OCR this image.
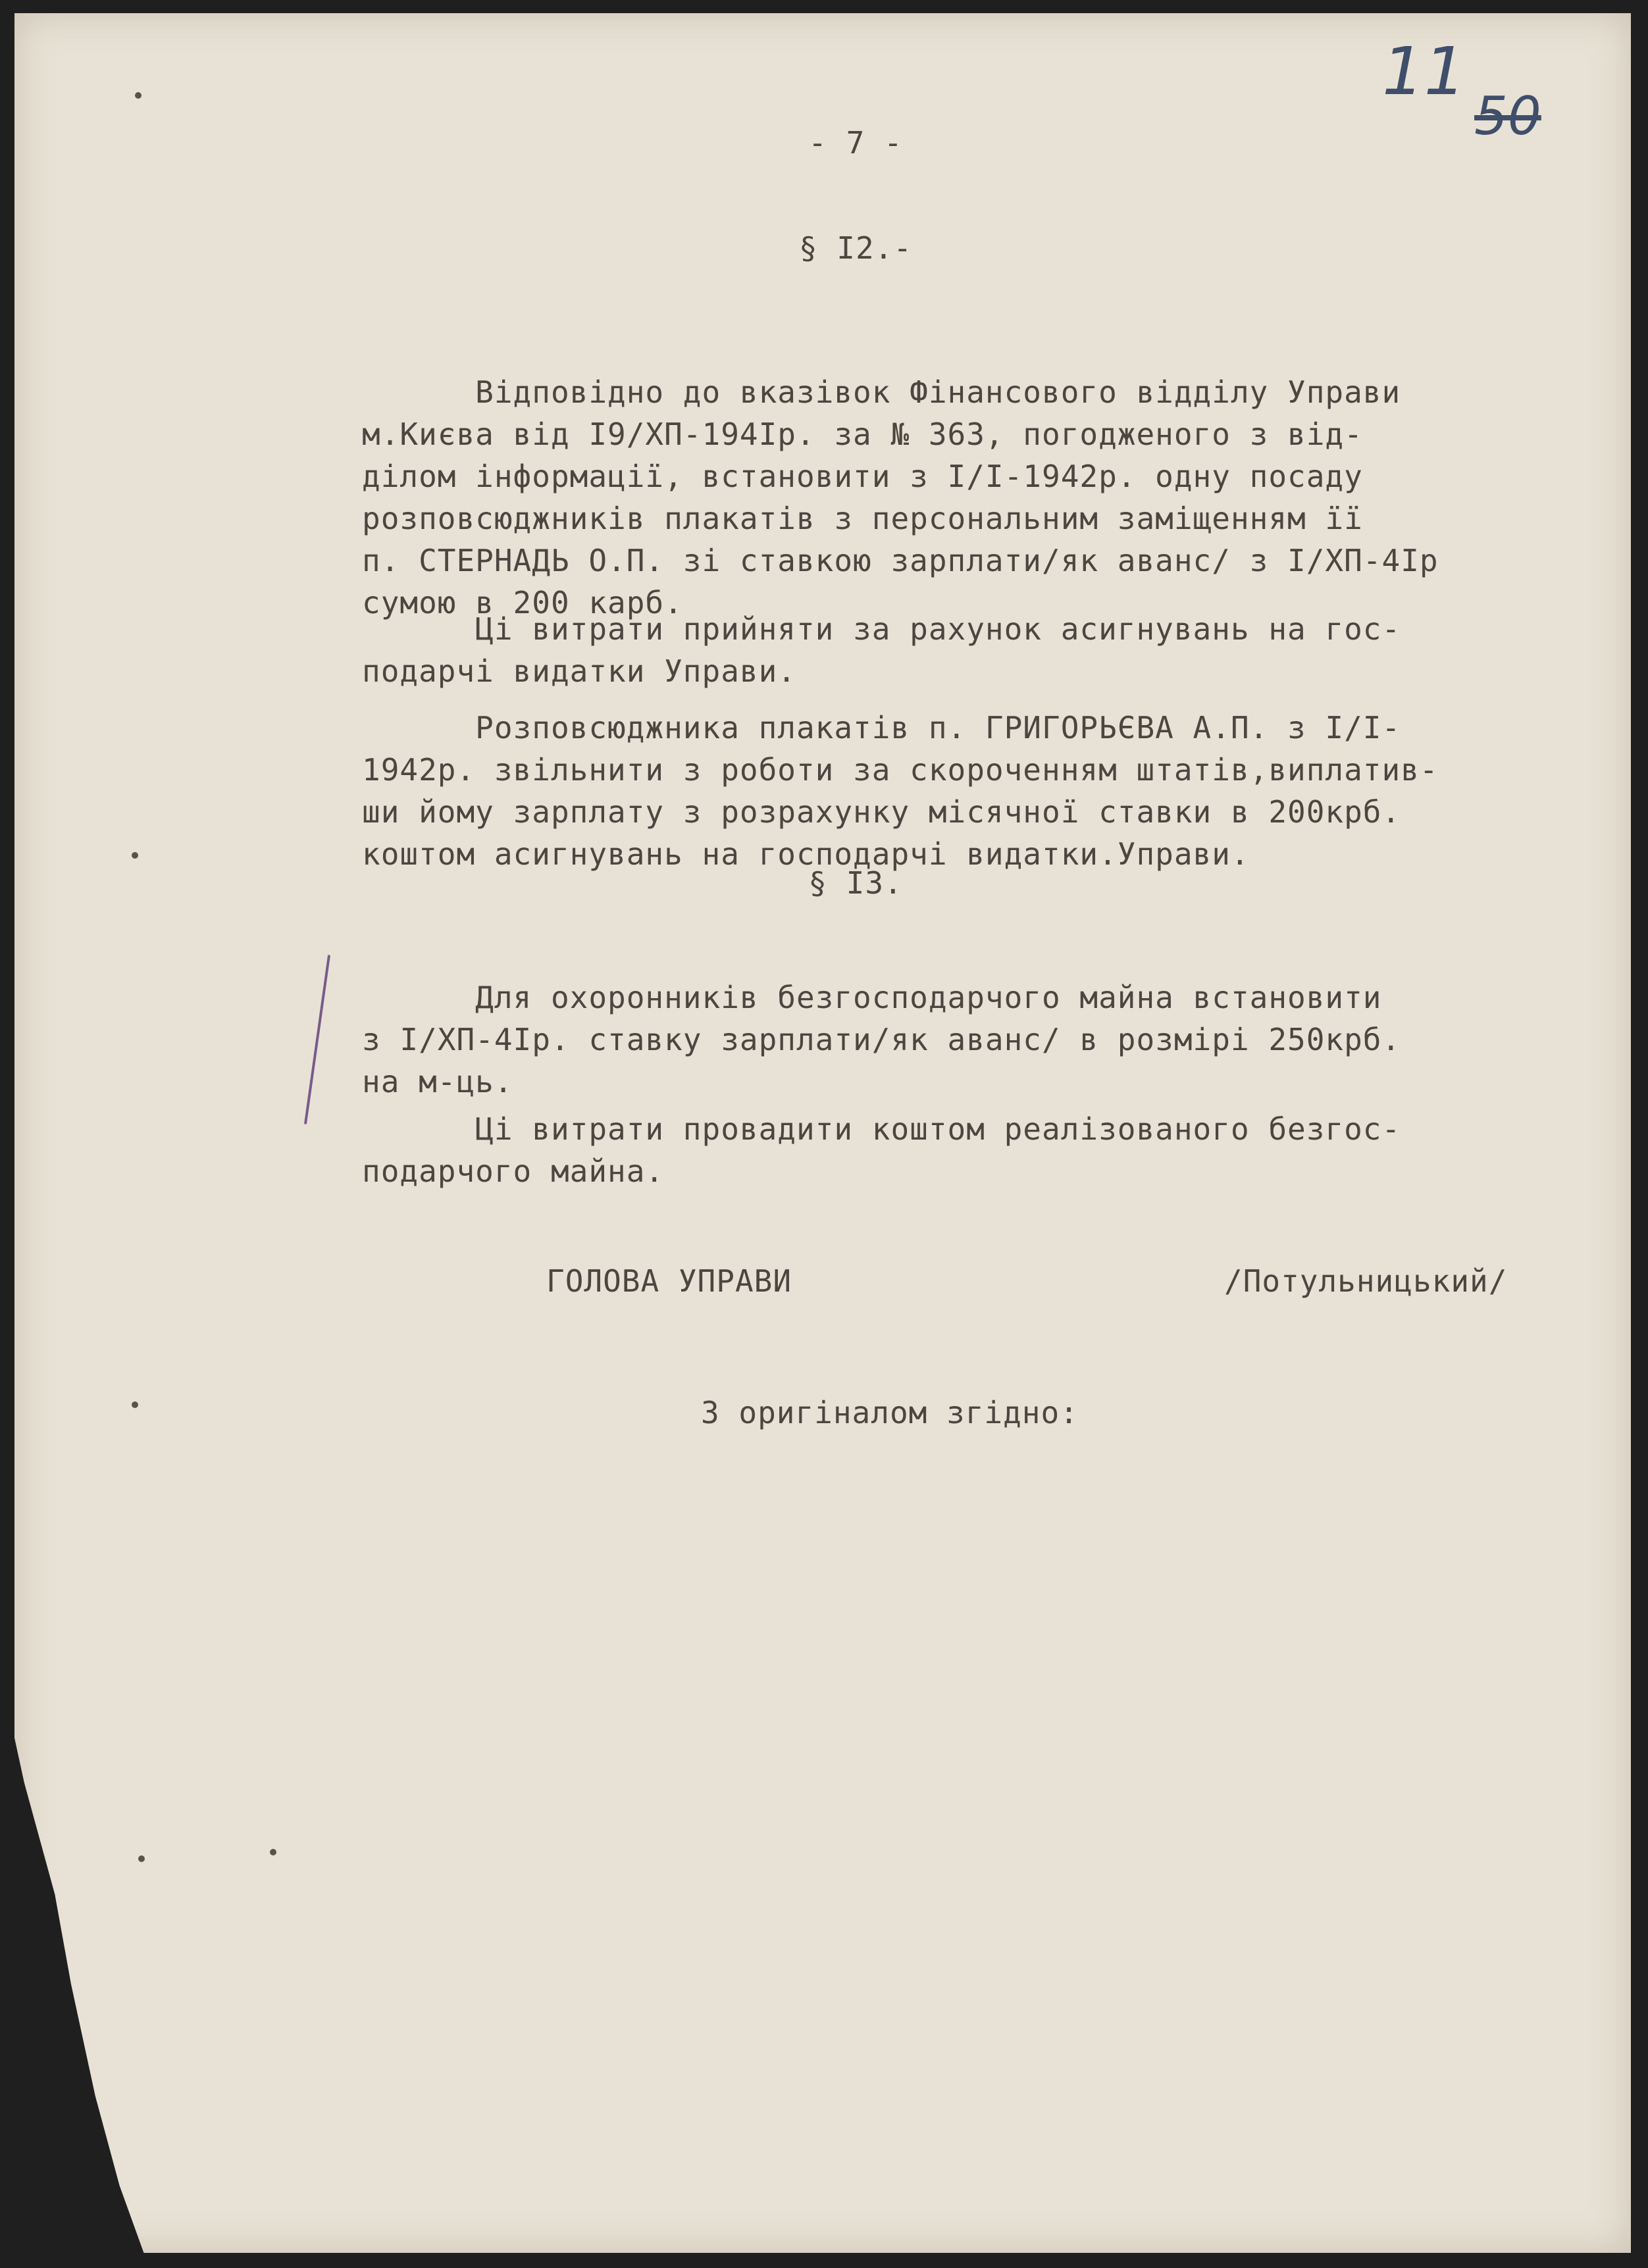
11
50
- 7 -
§ I2.-

Відповідно до вказівок Фінансового відділу Управи
м.Києва від I9/XП-194Iр. за № 363, погодженого з від-
ділом інформації, встановити з I/I-1942р. одну посаду
розповсюджників плакатів з персональним заміщенням її
п. СТЕРНАДЬ О.П. зі ставкою зарплати/як аванс/ з I/XП-4Iр
сумою в 200 карб.

Ці витрати прийняти за рахунок асигнувань на гос-
подарчі видатки Управи.

Розповсюджника плакатів п. ГРИГОРЬЄВА А.П. з I/I-
1942р. звільнити з роботи за скороченням штатів,виплатив-
ши йому зарплату з розрахунку місячної ставки в 200крб.
коштом асигнувань на господарчі видатки.Управи.

§ I3.

Для охоронників безгосподарчого майна встановити
з I/XП-4Iр. ставку зарплати/як аванс/ в розмірі 250крб.
на м-ць.

Ці витрати провадити коштом реалізованого безгос-
подарчого майна.

ГОЛОВА УПРАВИ	/Потульницький/
З оригіналом згідно:
